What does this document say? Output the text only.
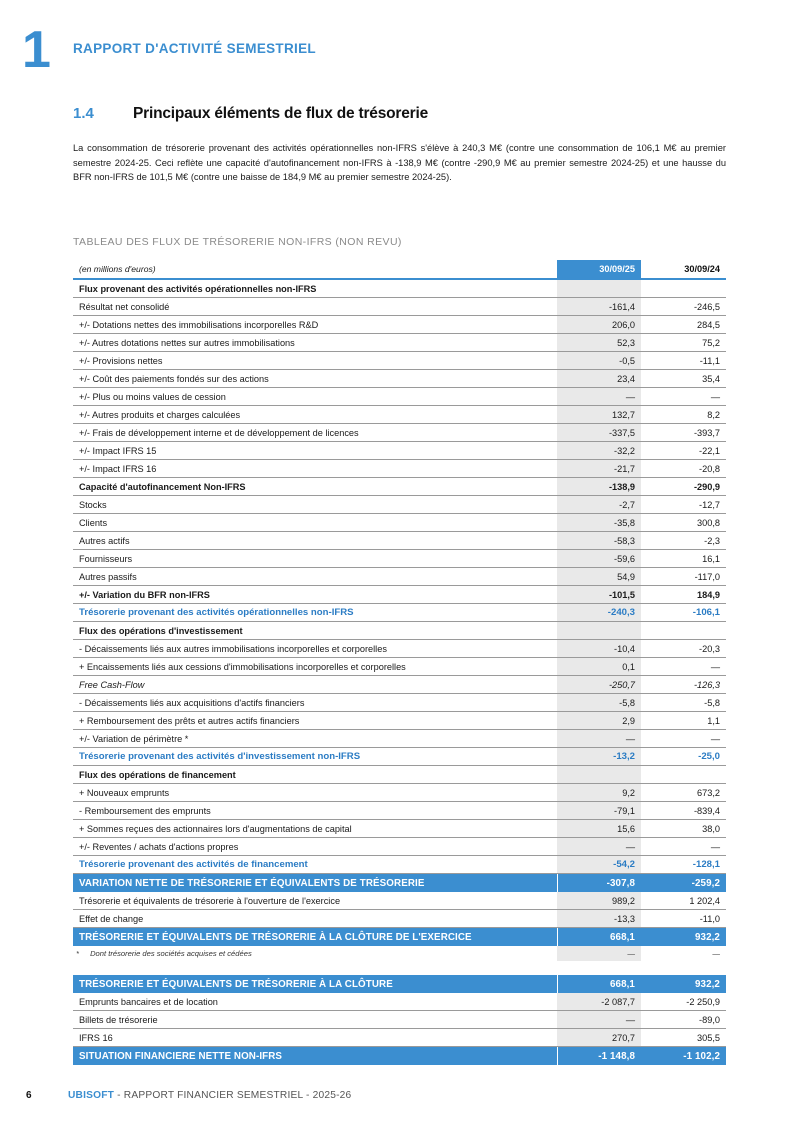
1 RAPPORT D'ACTIVITÉ SEMESTRIEL
1.4	Principaux éléments de flux de trésorerie
La consommation de trésorerie provenant des activités opérationnelles non-IFRS s'élève à 240,3 M€ (contre une consommation de 106,1 M€ au premier semestre 2024-25. Ceci reflète une capacité d'autofinancement non-IFRS à -138,9 M€ (contre -290,9 M€ au premier semestre 2024-25) et une hausse du BFR non-IFRS de 101,5 M€ (contre une baisse de 184,9 M€ au premier semestre 2024-25).
TABLEAU DES FLUX DE TRÉSORERIE NON-IFRS (NON REVU)
(en millions d'euros)	30/09/25	30/09/24
Flux provenant des activités opérationnelles non-IFRS		
Résultat net consolidé	-161,4	-246,5
+/- Dotations nettes des immobilisations incorporelles R&D	206,0	284,5
+/- Autres dotations nettes sur autres immobilisations	52,3	75,2
+/- Provisions nettes	-0,5	-11,1
+/- Coût des paiements fondés sur des actions	23,4	35,4
+/- Plus ou moins values de cession	—	—
+/- Autres produits et charges calculées	132,7	8,2
+/- Frais de développement interne et de développement de licences	-337,5	-393,7
+/- Impact IFRS 15	-32,2	-22,1
+/- Impact IFRS 16	-21,7	-20,8
Capacité d'autofinancement Non-IFRS	-138,9	-290,9
Stocks	-2,7	-12,7
Clients	-35,8	300,8
Autres actifs	-58,3	-2,3
Fournisseurs	-59,6	16,1
Autres passifs	54,9	-117,0
+/- Variation du BFR non-IFRS	-101,5	184,9
Trésorerie provenant des activités opérationnelles non-IFRS	-240,3	-106,1
Flux des opérations d'investissement		
- Décaissements liés aux autres immobilisations incorporelles et corporelles	-10,4	-20,3
+ Encaissements liés aux cessions d'immobilisations incorporelles et corporelles	0,1	—
Free Cash-Flow	-250,7	-126,3
- Décaissements liés aux acquisitions d'actifs financiers	-5,8	-5,8
+ Remboursement des prêts et autres actifs financiers	2,9	1,1
+/- Variation de périmètre *	—	—
Trésorerie provenant des activités d'investissement non-IFRS	-13,2	-25,0
Flux des opérations de financement		
+ Nouveaux emprunts	9,2	673,2
- Remboursement des emprunts	-79,1	-839,4
+ Sommes reçues des actionnaires lors d'augmentations de capital	15,6	38,0
+/- Reventes / achats d'actions propres	—	—
Trésorerie provenant des activités de financement	-54,2	-128,1
VARIATION NETTE DE TRÉSORERIE ET ÉQUIVALENTS DE TRÉSORERIE	-307,8	-259,2
Trésorerie et équivalents de trésorerie à l'ouverture de l'exercice	989,2	1 202,4
Effet de change	-13,3	-11,0
TRÉSORERIE ET ÉQUIVALENTS DE TRÉSORERIE À LA CLÔTURE DE L'EXERCICE	668,1	932,2
* Dont trésorerie des sociétés acquises et cédées	—	—
TRÉSORERIE ET ÉQUIVALENTS DE TRÉSORERIE À LA CLÔTURE	668,1	932,2
Emprunts bancaires et de location	-2 087,7	-2 250,9
Billets de trésorerie	—	-89,0
IFRS 16	270,7	305,5
SITUATION FINANCIERE NETTE NON-IFRS	-1 148,8	-1 102,2
6	UBISOFT - RAPPORT FINANCIER SEMESTRIEL - 2025-26
